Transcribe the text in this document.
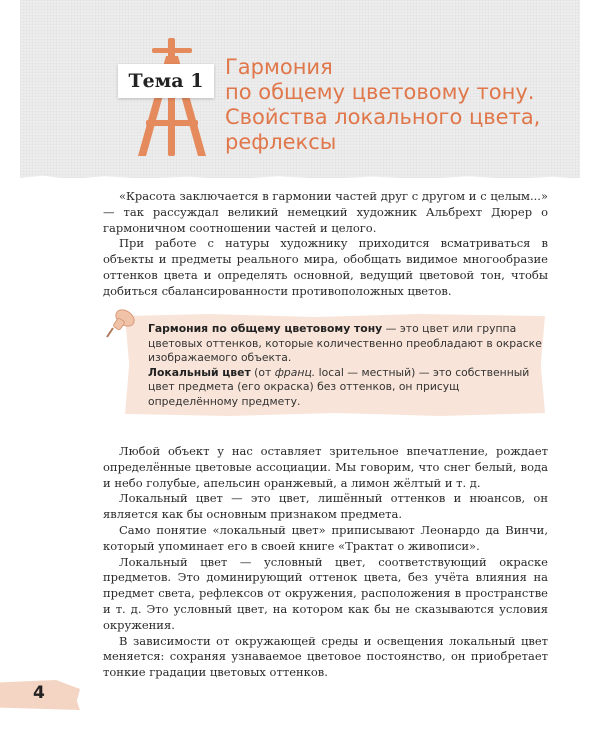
Тема 1
Гармония
по общему цветовому тону.
Свойства локального цвета,
рефлексы

«Красота заключается в гармонии частей друг с другом и с целым...» — так рассуждал великий немецкий художник Альбрехт Дюрер о гармоничном соотношении частей и целого.

При работе с натуры художнику приходится всматриваться в объекты и предметы реального мира, обобщать видимое многообразие оттенков цвета и определять основной, ведущий цветовой тон, чтобы добиться сбалансированности противоположных цветов.

Гармония по общему цветовому тону — это цвет или группа цветовых оттенков, которые количественно преобладают в окраске изображаемого объекта.

Локальный цвет (от франц. local — местный) — это собственный цвет предмета (его окраска) без оттенков, он присущ определённому предмету.

Любой объект у нас оставляет зрительное впечатление, рождает определённые цветовые ассоциации. Мы говорим, что снег белый, вода и небо голубые, апельсин оранжевый, а лимон жёлтый и т. д.

Локальный цвет — это цвет, лишённый оттенков и нюансов, он является как бы основным признаком предмета.

Само понятие «локальный цвет» приписывают Леонардо да Винчи, который упоминает его в своей книге «Трактат о живописи».

Локальный цвет — условный цвет, соответствующий окраске предметов. Это доминирующий оттенок цвета, без учёта влияния на предмет света, рефлексов от окружения, расположения в пространстве и т. д. Это условный цвет, на котором как бы не сказываются условия окружения.

В зависимости от окружающей среды и освещения локальный цвет меняется: сохраняя узнаваемое цветовое постоянство, он приобретает тонкие градации цветовых оттенков.

4
